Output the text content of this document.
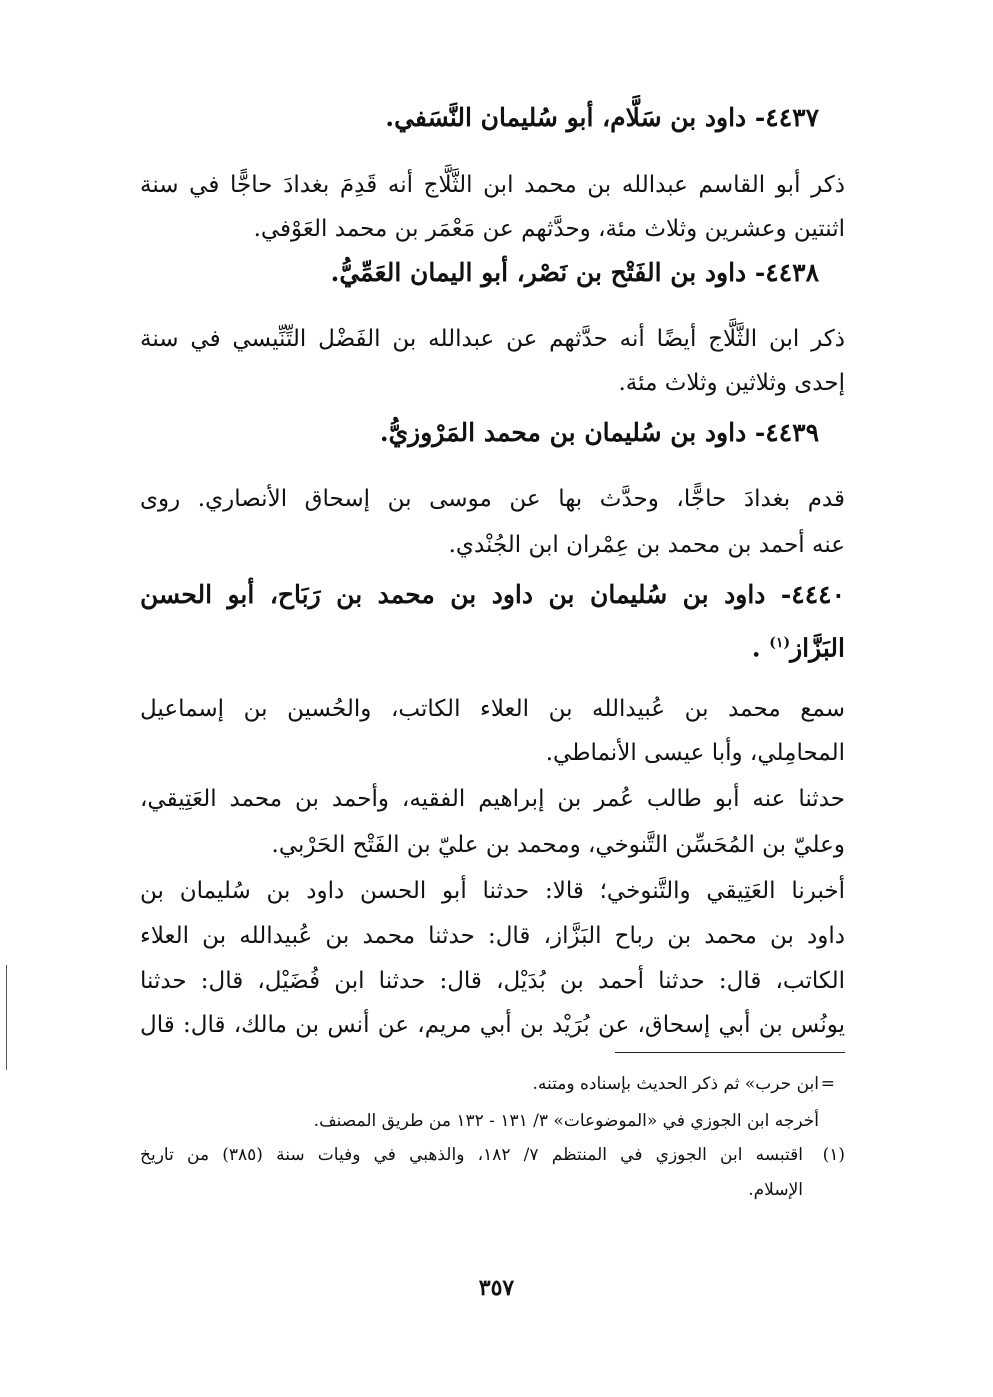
٤٤٣٧- داود بن سَلَّام، أبو سُليمان النَّسَفي.
ذكر أبو القاسم عبدالله بن محمد ابن الثَّلَّاج أنه قَدِمَ بغدادَ حاجًّا في سنة
اثنتين وعشرين وثلاث مئة، وحدَّثهم عن مَعْمَر بن محمد العَوْفي.
٤٤٣٨- داود بن الفَتْح بن نَصْر، أبو اليمان العَمِّيُّ.
ذكر ابن الثَّلَّاج أيضًا أنه حدَّثهم عن عبدالله بن الفَضْل التِّنِّيسي في سنة
إحدى وثلاثين وثلاث مئة.
٤٤٣٩- داود بن سُليمان بن محمد المَرْوزيُّ.
قدم بغدادَ حاجًّا، وحدَّث بها عن موسى بن إسحاق الأنصاري. روى
عنه أحمد بن محمد بن عِمْران ابن الجُنْدي.
٤٤٤٠- داود بن سُليمان بن داود بن محمد بن رَبَاح، أبو الحسن
البَزَّاز$^{(١)}$ .
سمع محمد بن عُبيدالله بن العلاء الكاتب، والحُسين بن إسماعيل
المحامِلي، وأبا عيسى الأنماطي.
حدثنا عنه أبو طالب عُمر بن إبراهيم الفقيه، وأحمد بن محمد العَتِيقي،
وعليّ بن المُحَسِّن التَّنوخي، ومحمد بن عليّ بن الفَتْح الحَرْبي.
أخبرنا العَتِيقي والتَّنوخي؛ قالا: حدثنا أبو الحسن داود بن سُليمان بن
داود بن محمد بن رباح البَزَّاز، قال: حدثنا محمد بن عُبيدالله بن العلاء
الكاتب، قال: حدثنا أحمد بن بُدَيْل، قال: حدثنا ابن فُضَيْل، قال: حدثنا
يونُس بن أبي إسحاق، عن بُرَيْد بن أبي مريم، عن أنس بن مالك، قال: قال
ابن حرب» ثم ذكر الحديث بإسناده ومتنه. =
أخرجه ابن الجوزي في «الموضوعات» ٣/ ١٣١ - ١٣٢ من طريق المصنف.
(١)
اقتبسه ابن الجوزي في المنتظم ٧/ ١٨٢، والذهبي في وفيات سنة (٣٨٥) من تاريخ
الإسلام.
٣٥٧
